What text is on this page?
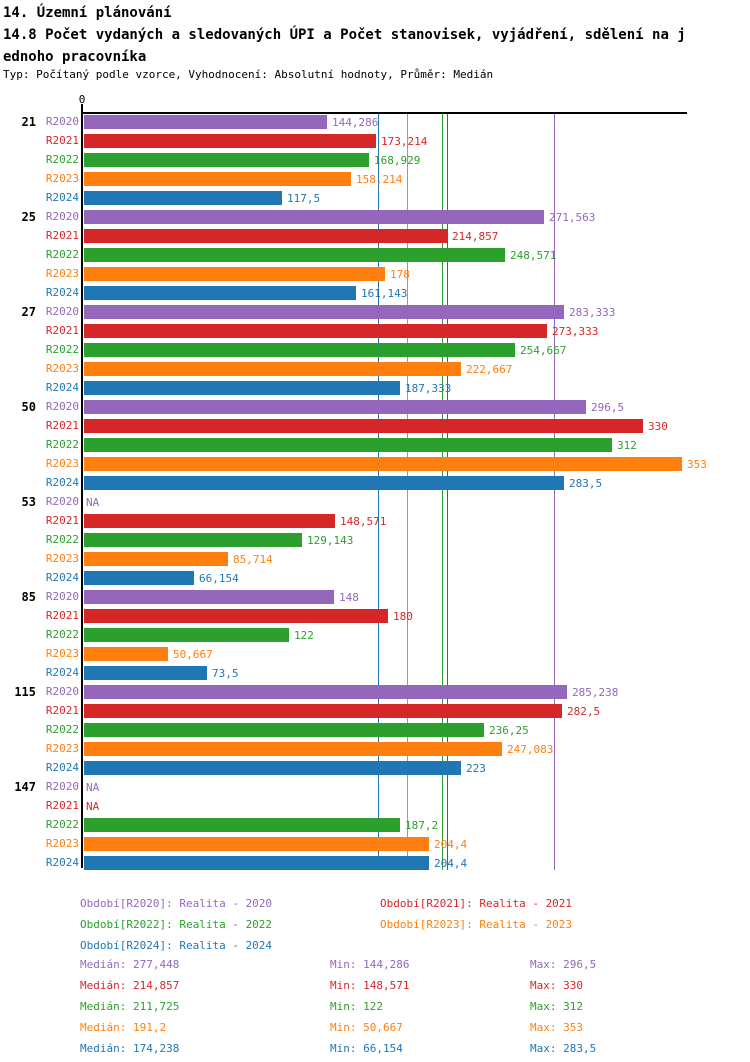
14. Územní plánování
14.8 Počet vydaných a sledovaných ÚPI a Počet stanovisek, vyjádření, sdělení na j
ednoho pracovníka
Typ: Počítaný podle vzorce, Vyhodnocení: Absolutní hodnoty, Průměr: Medián
0
21 R2020	144,286
R2021	173,214
R2022	168,929
R2023	158,214
R2024	117,5
25 R2020	271,563
R2021	214,857
R2022	248,571
R2023	178
R2024	161,143
27 R2020	283,333
R2021	273,333
R2022	254,667
R2023	222,667
R2024	187,333
50 R2020	296,5
R2021	330
R2022	312
R2023	353
R2024	283,5
53 R2020 NA
R2021	148,571
R2022	129,143
R2023	85,714
R2024	66,154
85 R2020	148
R2021	180
R2022	122
R2023	50,667
R2024	73,5
115 R2020	285,238
R2021	282,5
R2022	236,25
R2023	247,083
R2024	223
147 R2020 NA
R2021 NA
R2022	187,2
R2023	204,4
R2024	204,4
Období[R2020]: Realita - 2020	Období[R2021]: Realita - 2021
Období[R2022]: Realita - 2022	Období[R2023]: Realita - 2023
Období[R2024]: Realita - 2024
Medián: 277,448	Min: 144,286	Max: 296,5
Medián: 214,857	Min: 148,571	Max: 330
Medián: 211,725	Min: 122	Max: 312
Medián: 191,2	Min: 50,667	Max: 353
Medián: 174,238	Min: 66,154	Max: 283,5
